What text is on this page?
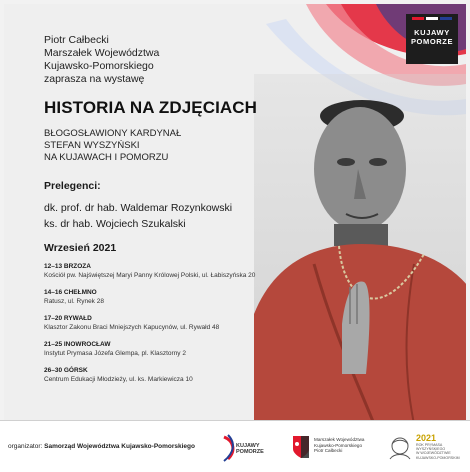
KUJAWY
POMORZE
Piotr Całbecki
Marszałek Województwa
Kujawsko-Pomorskiego
zaprasza na wystawę
HISTORIA NA ZDJĘCIACH
BŁOGOSŁAWIONY KARDYNAŁ
STEFAN WYSZYŃSKI
NA KUJAWACH I POMORZU
Prelegenci:
dk. prof. dr hab. Waldemar Rozynkowski
ks. dr hab. Wojciech Szukalski
Wrzesień 2021
12–13 BRZOZA
Kościół pw. Najświętszej Maryi Panny Królowej Polski, ul. Łabiszyńska 20
14–16 CHEŁMNO
Ratusz, ul. Rynek 28
17–20 RYWAŁD
Klasztor Zakonu Braci Mniejszych Kapucynów, ul. Rywałd 48
21–25 INOWROCŁAW
Instytut Prymasa Józefa Glempa, pl. Klasztorny 2
26–30 GÓRSK
Centrum Edukacji Młodzieży, ul. ks. Markiewicza 10
organizator: Samorząd Województwa Kujawsko-Pomorskiego	KUJAWY
POMORZE
Marszałek Województwa
Kujawsko-Pomorskiego
Piotr Całbecki
2021
ROK PRYMASA WYSZYŃSKIEGO
W WOJEWÓDZTWIE
KUJAWSKO-POMORSKIM
